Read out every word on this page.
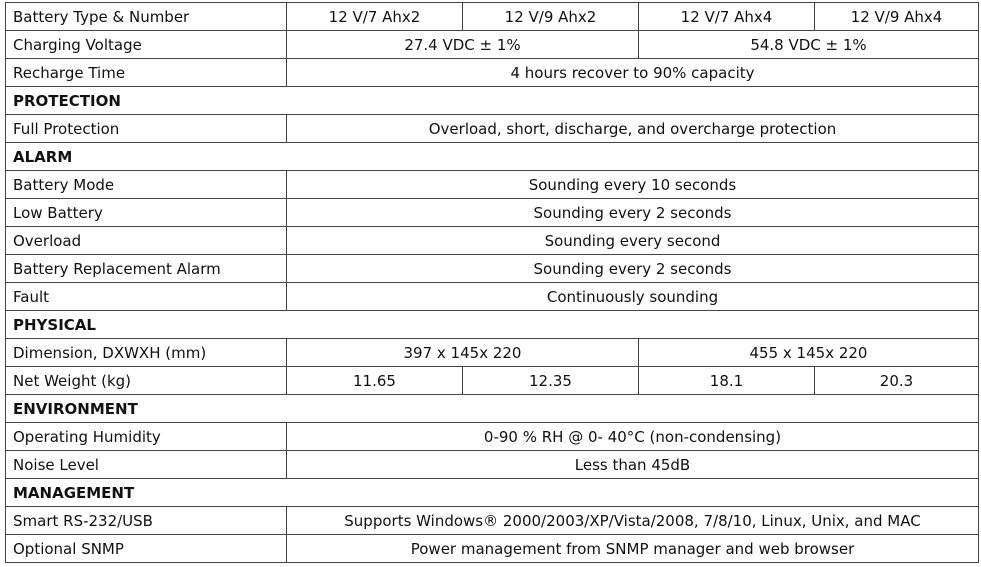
Battery Type & Number	12 V/7 Ahx2	12 V/9 Ahx2	12 V/7 Ahx4	12 V/9 Ahx4
Charging Voltage	27.4 VDC ± 1%		54.8 VDC ± 1%	
Recharge Time	4 hours recover to 90% capacity			
PROTECTION				
Full Protection	Overload, short, discharge, and overcharge protection			
ALARM				
Battery Mode	Sounding every 10 seconds			
Low Battery	Sounding every 2 seconds			
Overload	Sounding every second			
Battery Replacement Alarm	Sounding every 2 seconds			
Fault	Continuously sounding			
PHYSICAL				
Dimension, DXWXH (mm)	397 x 145x 220		455 x 145x 220	
Net Weight (kg)	11.65	12.35	18.1	20.3
ENVIRONMENT				
Operating Humidity	0-90 % RH @ 0- 40°C (non-condensing)			
Noise Level	Less than 45dB			
MANAGEMENT				
Smart RS-232/USB	Supports Windows® 2000/2003/XP/Vista/2008, 7/8/10, Linux, Unix, and MAC			
Optional SNMP	Power management from SNMP manager and web browser			
